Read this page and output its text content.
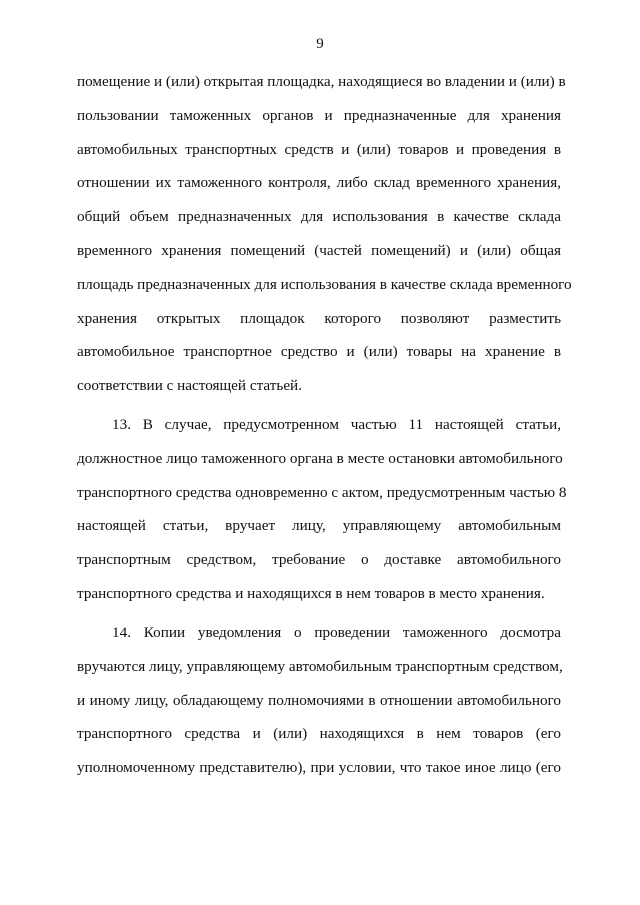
9
помещение и (или) открытая площадка, находящиеся во владении и (или) в
пользовании таможенных органов и предназначенные для хранения
автомобильных транспортных средств и (или) товаров и проведения в
отношении их таможенного контроля, либо склад временного хранения,
общий объем предназначенных для использования в качестве склада
временного хранения помещений (частей помещений) и (или) общая
площадь предназначенных для использования в качестве склада временного
хранения открытых площадок которого позволяют разместить
автомобильное транспортное средство и (или) товары на хранение в
соответствии с настоящей статьей.
13. В случае, предусмотренном частью 11 настоящей статьи,
должностное лицо таможенного органа в месте остановки автомобильного
транспортного средства одновременно с актом, предусмотренным частью 8
настоящей статьи, вручает лицу, управляющему автомобильным
транспортным средством, требование о доставке автомобильного
транспортного средства и находящихся в нем товаров в место хранения.
14. Копии уведомления о проведении таможенного досмотра
вручаются лицу, управляющему автомобильным транспортным средством,
и иному лицу, обладающему полномочиями в отношении автомобильного
транспортного средства и (или) находящихся в нем товаров (его
уполномоченному представителю), при условии, что такое иное лицо (его
